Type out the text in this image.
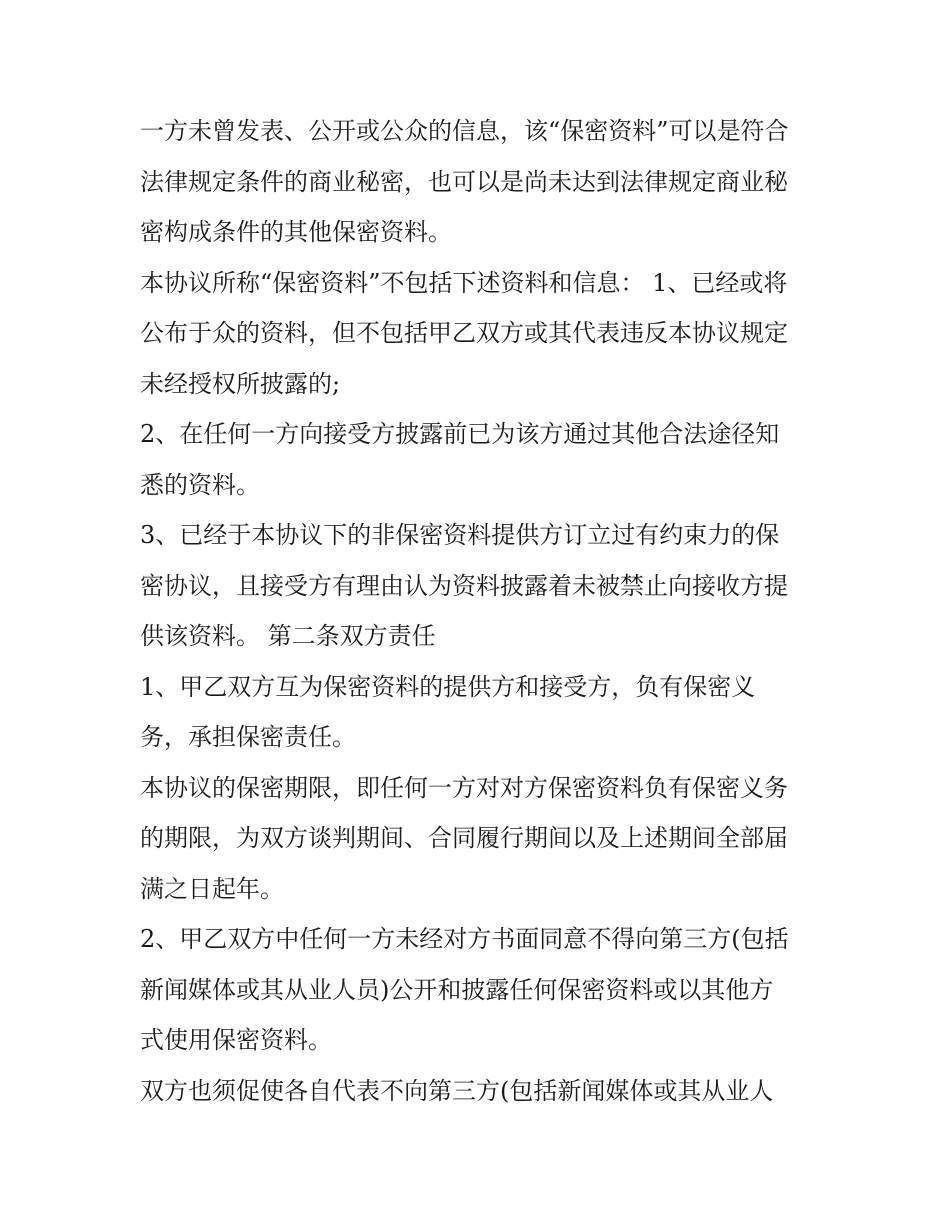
一方未曾发表、公开或公众的信息，该“保密资料”可以是符合
法律规定条件的商业秘密，也可以是尚未达到法律规定商业秘
密构成条件的其他保密资料。
本协议所称“保密资料”不包括下述资料和信息： 1、已经或将
公布于众的资料，但不包括甲乙双方或其代表违反本协议规定
未经授权所披露的;
2、在任何一方向接受方披露前已为该方通过其他合法途径知
悉的资料。
3、已经于本协议下的非保密资料提供方订立过有约束力的保
密协议，且接受方有理由认为资料披露着未被禁止向接收方提
供该资料。 第二条双方责任
1、甲乙双方互为保密资料的提供方和接受方，负有保密义
务，承担保密责任。
本协议的保密期限，即任何一方对对方保密资料负有保密义务
的期限，为双方谈判期间、合同履行期间以及上述期间全部届
满之日起年。
2、甲乙双方中任何一方未经对方书面同意不得向第三方(包括
新闻媒体或其从业人员)公开和披露任何保密资料或以其他方
式使用保密资料。
双方也须促使各自代表不向第三方(包括新闻媒体或其从业人
